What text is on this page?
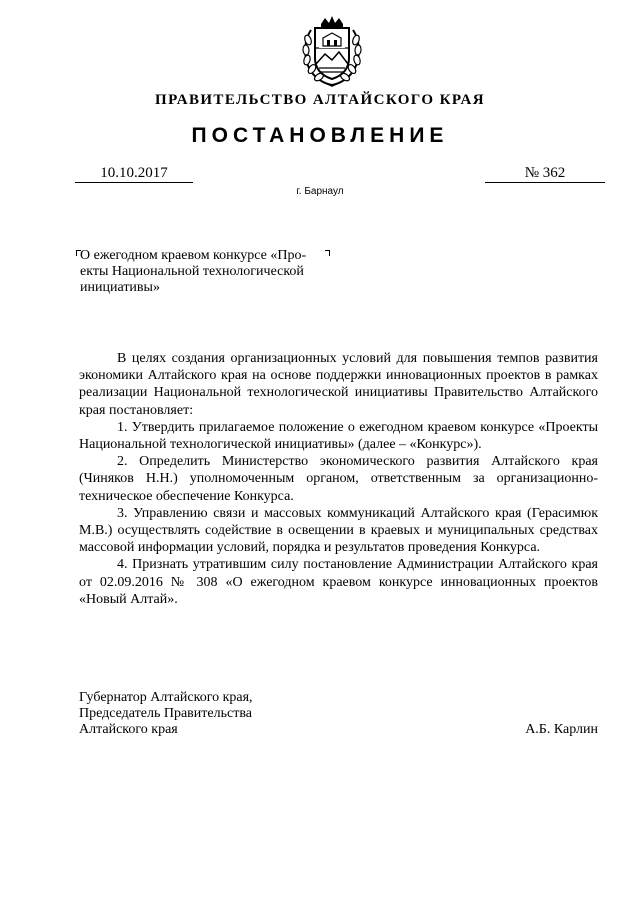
ПРАВИТЕЛЬСТВО АЛТАЙСКОГО КРАЯ
ПОСТАНОВЛЕНИЕ
10.10.2017	№ 362
г. Барнаул
О ежегодном краевом конкурсе «Про-
екты Национальной технологической
инициативы»

В целях создания организационных условий для повышения темпов развития экономики Алтайского края на основе поддержки инновационных проектов в рамках реализации Национальной технологической инициативы Правительство Алтайского края постановляет:

1. Утвердить прилагаемое положение о ежегодном краевом конкурсе «Проекты Национальной технологической инициативы» (далее – «Конкурс»).

2. Определить Министерство экономического развития Алтайского края (Чиняков Н.Н.) уполномоченным органом, ответственным за организационно-техническое обеспечение Конкурса.

3. Управлению связи и массовых коммуникаций Алтайского края (Герасимюк М.В.) осуществлять содействие в освещении в краевых и муниципальных средствах массовой информации условий, порядка и результатов проведения Конкурса.

4. Признать утратившим силу постановление Администрации Алтайского края от 02.09.2016 № 308 «О ежегодном краевом конкурсе инновационных проектов «Новый Алтай».

Губернатор Алтайского края,
Председатель Правительства
Алтайского края	А.Б. Карлин
